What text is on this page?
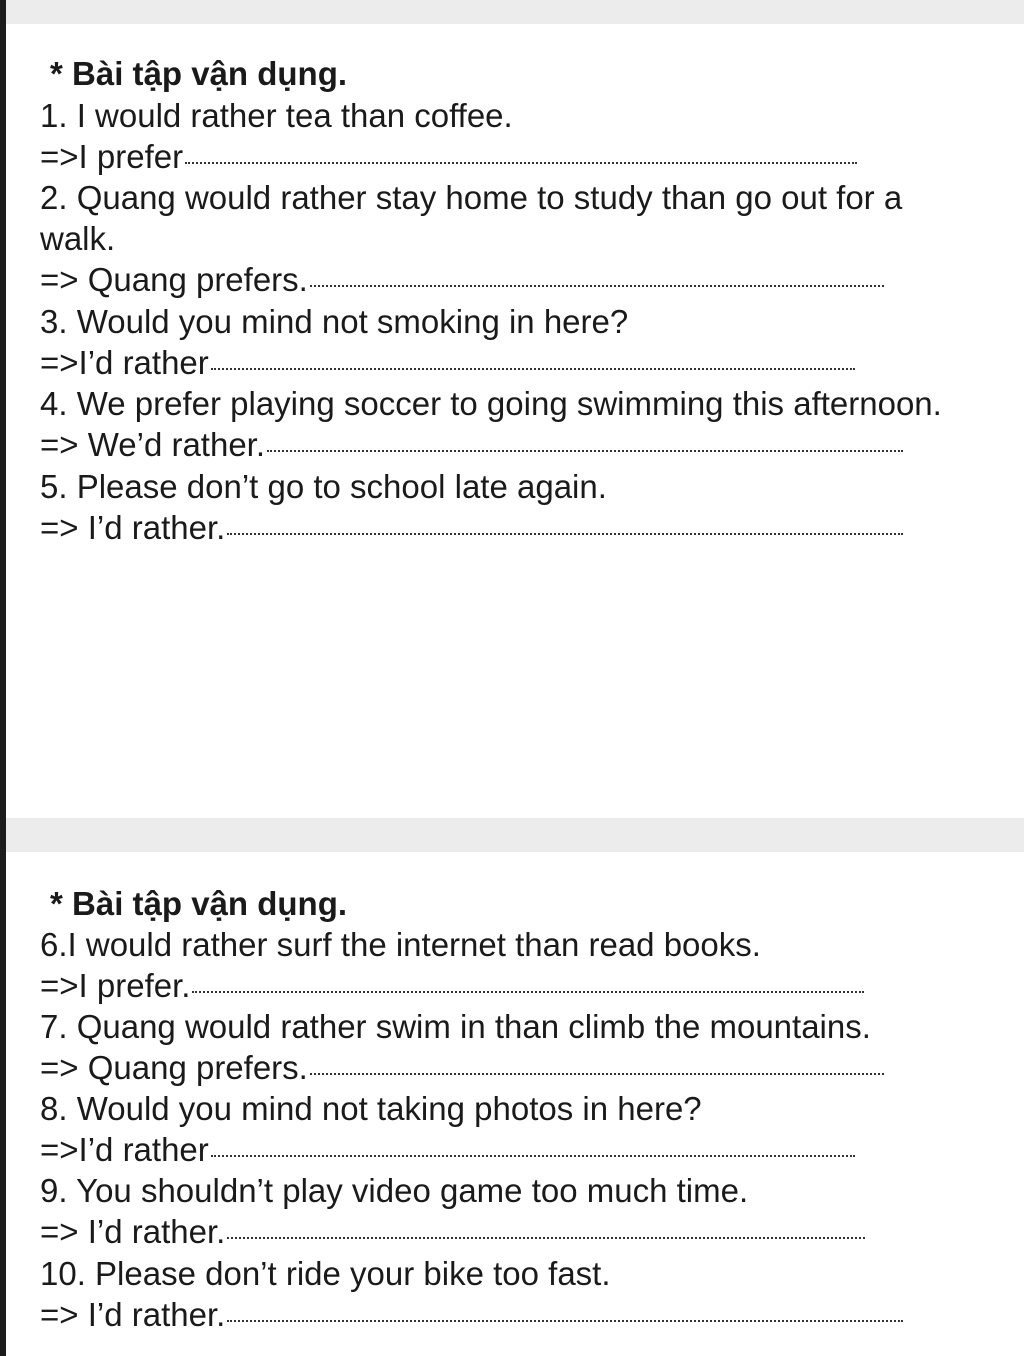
* Bài tập vận dụng.
1. I would rather tea than coffee.
=>I prefer
2. Quang would rather stay home to study than go out for a
walk.
=> Quang prefers.
3. Would you mind not smoking in here?
=>I’d rather
4. We prefer playing soccer to going swimming this afternoon.
=> We’d rather.
5. Please don’t go to school late again.
=> I’d rather.
* Bài tập vận dụng.
6.I would rather surf the internet than read books.
=>I prefer.
7. Quang would rather swim in than climb the mountains.
=> Quang prefers.
8. Would you mind not taking photos in here?
=>I’d rather
9. You shouldn’t play video game too much time.
=> I’d rather.
10. Please don’t ride your bike too fast.
=> I’d rather.
